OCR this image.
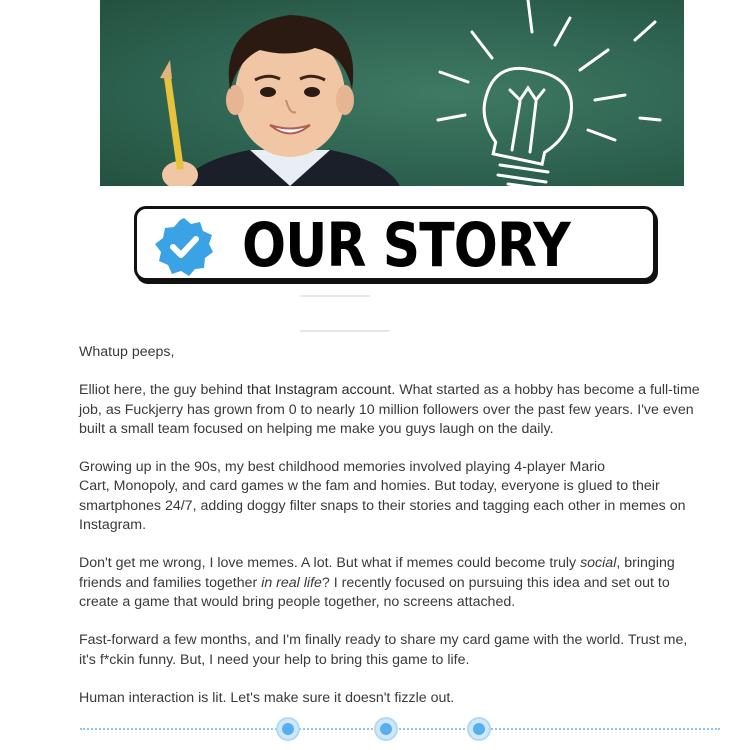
OUR STORY

Whatup peeps,

Elliot here, the guy behind that Instagram account. What started as a hobby has become a full-time
job, as Fuckjerry has grown from 0 to nearly 10 million followers over the past few years. I've even
built a small team focused on helping me make you guys laugh on the daily.

Growing up in the 90s, my best childhood memories involved playing 4-player Mario
Cart, Monopoly, and card games w the fam and homies. But today, everyone is glued to their
smartphones 24/7, adding doggy filter snaps to their stories and tagging each other in memes on
Instagram.

Don't get me wrong, I love memes. A lot. But what if memes could become truly social, bringing
friends and families together in real life? I recently focused on pursuing this idea and set out to
create a game that would bring people together, no screens attached.

Fast-forward a few months, and I'm finally ready to share my card game with the world. Trust me,
it's f*ckin funny. But, I need your help to bring this game to life.

Human interaction is lit. Let's make sure it doesn't fizzle out.
